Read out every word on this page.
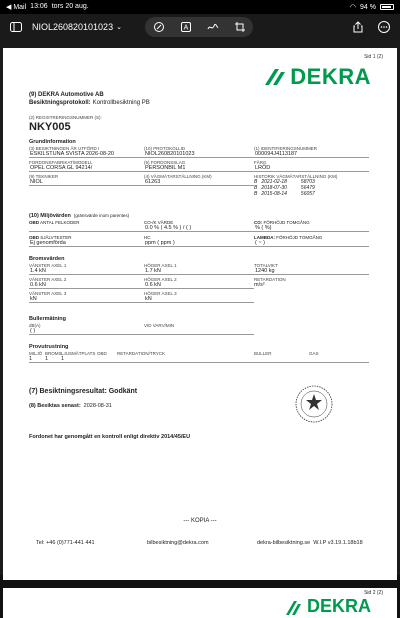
◀ Mail 13:06 tors 20 aug.	◠ 94 %
NIOL260820101023 ⌄	A
Sid 1 (2)
DEKRA
(9) DEKRA Automotive AB
Besiktningsprotokoll: Kontrollbesiktning PB
(2) REGISTRERINGSNUMMER (S):
NKY005
Grundinformation
(3) BESIKTNINGEN ÄR UTFÖRD I
ESKILSTUNA SVISTA 2026-08-20
(10) PROTOKOLLID
NIOL260820101023
(1) IDENTIFIERINGSNUMMER
000094J4113187
FORDONSFABRIKAT/MODELL
OPEL CORSA GL 94214/
(5) FORDONSSLAG
PERSONBIL M1
FÄRG
LRÖD
(9) TEKNIKER
NIOL
(4) VÄGMÄTARSTÄLLNING (KM)
61263
HISTORIK VÄGMÄTARSTÄLLNING (KM)
B 2021-02-18	58703
B 2018-07-30	56479
B 2015-08-14	56057
(10) Miljövärden (gränsvärde inom parentes)
OBD ANTAL FELKODER	CO-/K VÄRDE
0.0 % ( 4.5 % ) / ( )
CO: FÖRHÖJD TOMGÅNG
% ( %)
OBD SJÄLVTESTER
Ej genomförda
HC
ppm ( ppm )
LAMBDA: FÖRHÖJD TOMGÅNG
( ~ )
Bromsvärden
VÄNSTER AXEL 1
1.4 kN
HÖGER AXEL 1
1.7 kN
TOTALVIKT
1240 kg
VÄNSTER AXEL 2
0.6 kN
HÖGER AXEL 2
0.6 kN
RETARDATION
m/s²
VÄNSTER AXEL 3
kN
HÖGER AXEL 3
kN
Bullermätning
dB(A)
( )
VID VARV/MIN
Provutrustning
MILJÖ BROMS LJUSMÄTPLATS OBD	RETARDATION/TRYCK	BULLER	GAS
1	1	1
(7) Besiktningsresultat: Godkänt
(8) Besiktas senast: 2028-08-31
Fordonet har genomgått en kontroll enligt direktiv 2014/45/EU
--- KOPIA ---
Tel: +46 (0)771-441 441	bilbesiktning@dekra.com	dekra-bilbesiktning.se W.I.P v3.19.1.18b18
DEKRA
Sid 2 (2)
